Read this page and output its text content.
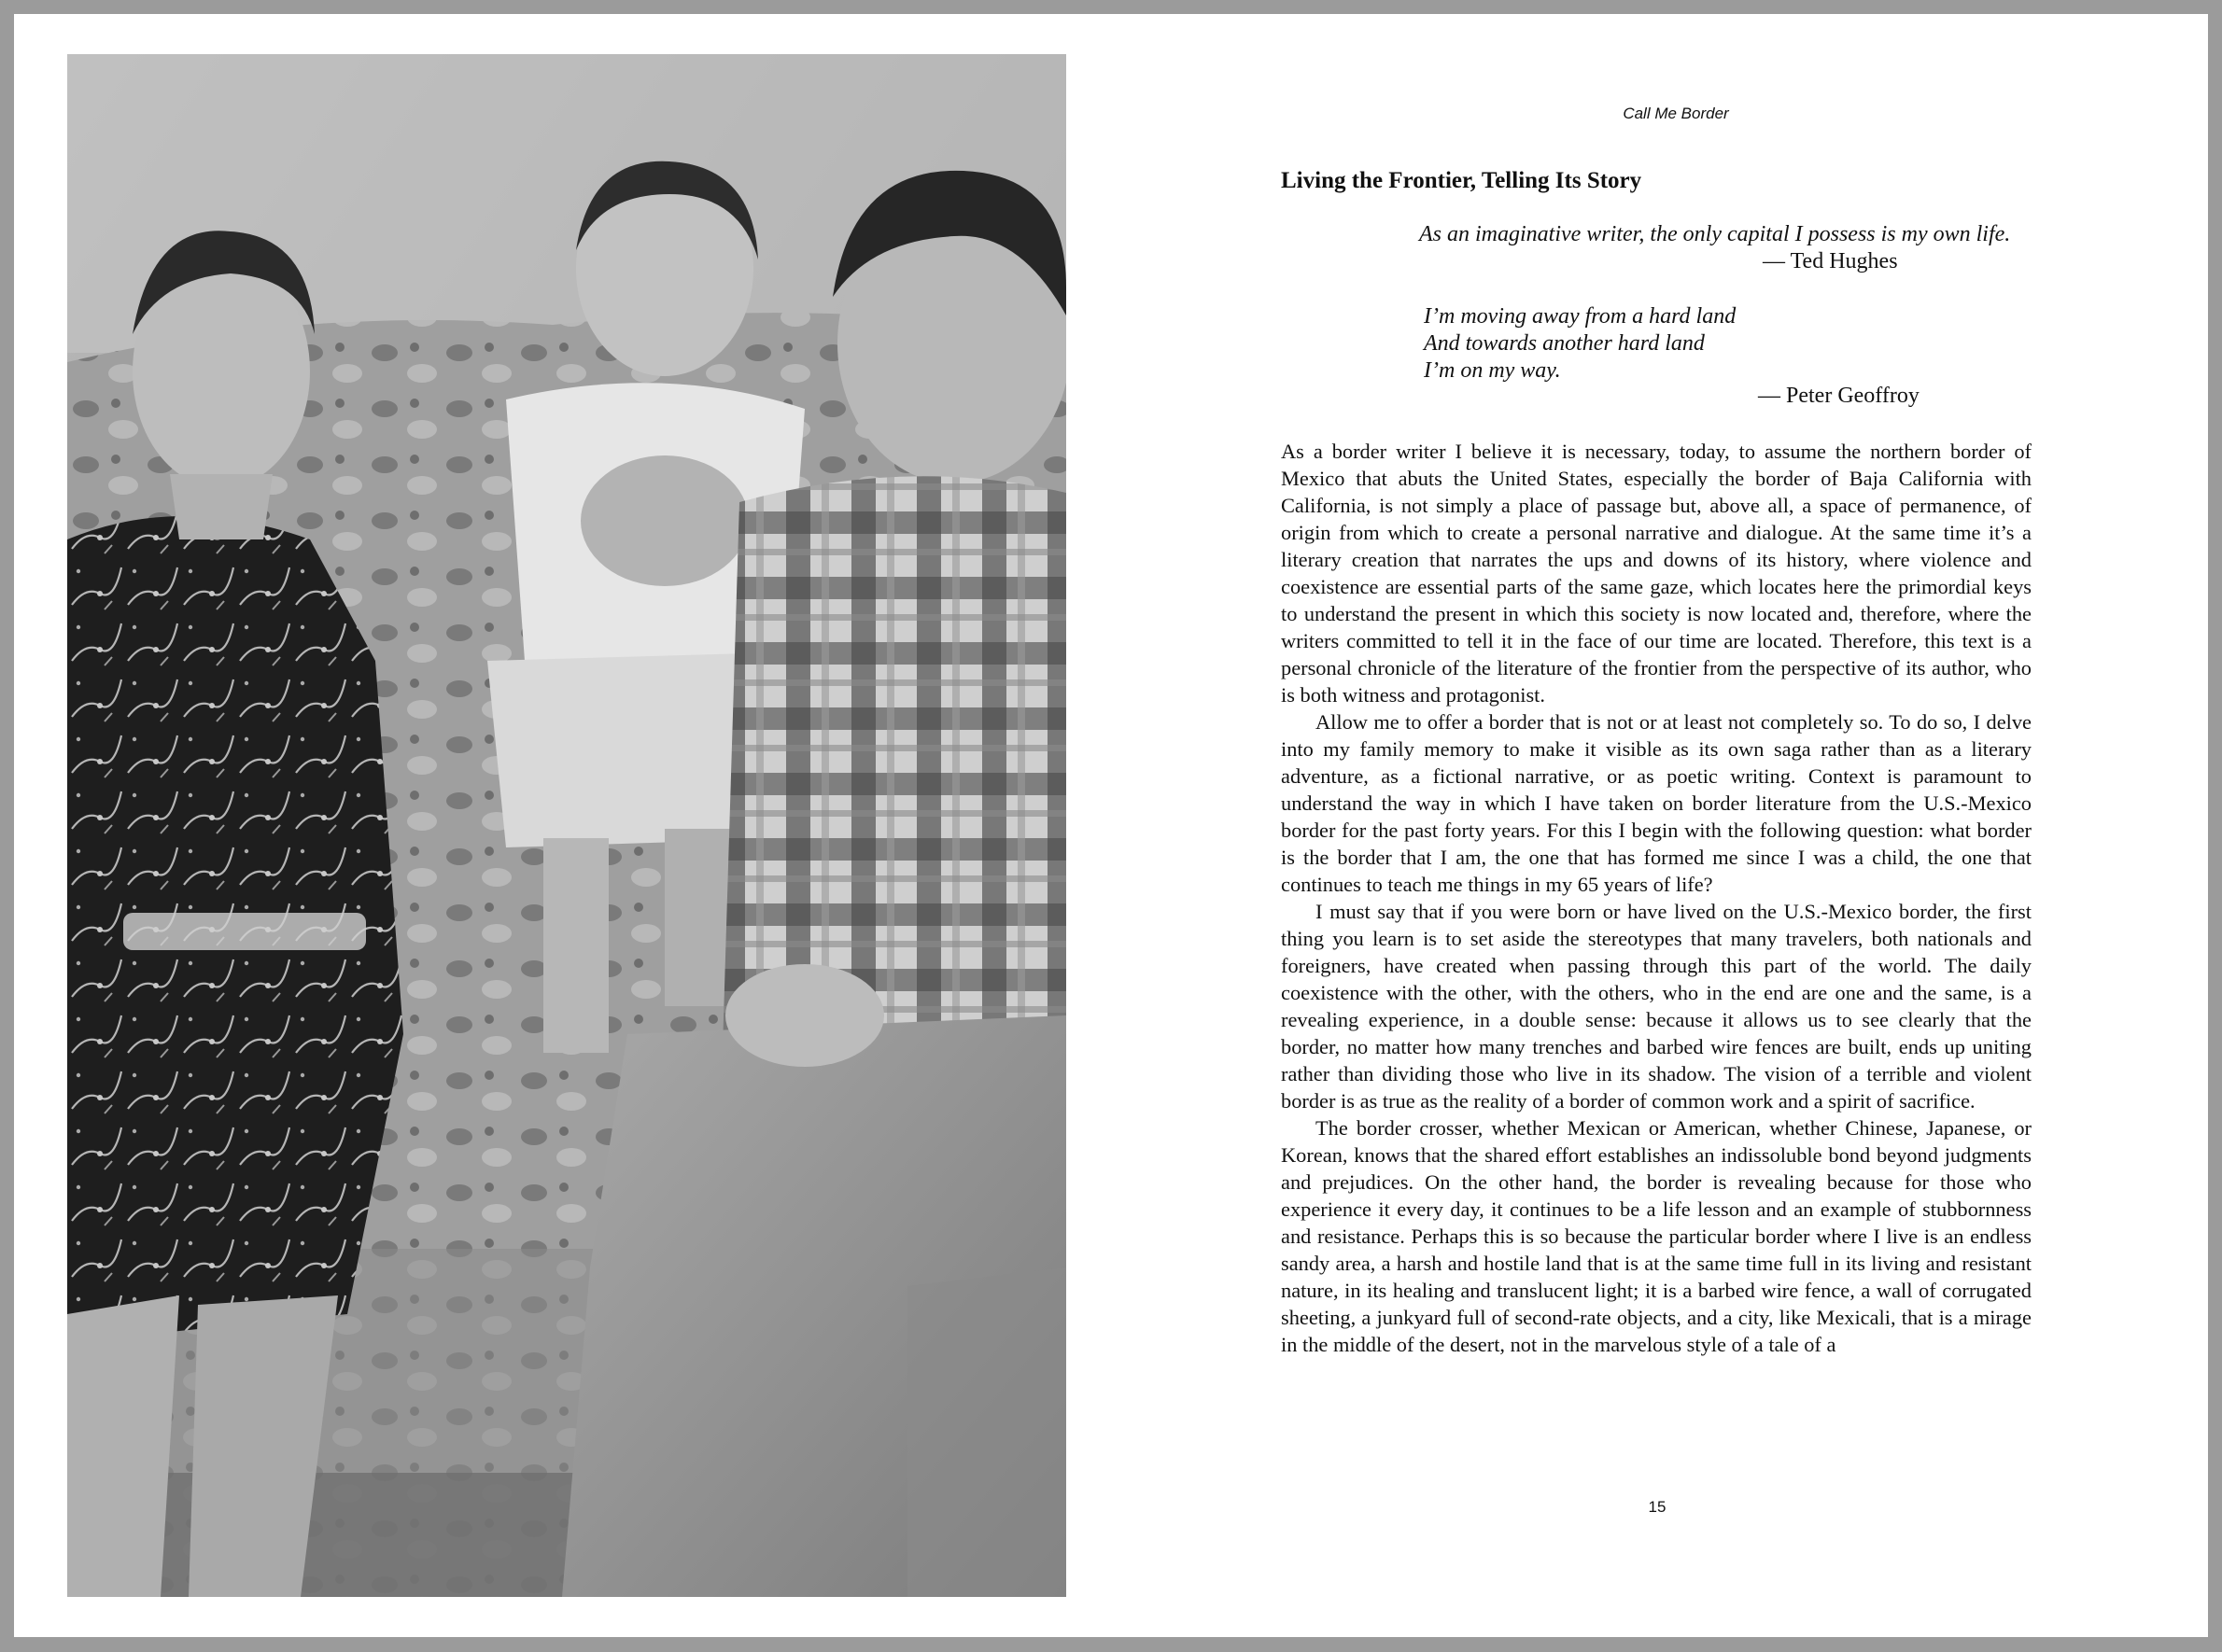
Call Me Border
Living the Frontier, Telling Its Story
As an imaginative writer, the only capital I possess is my own life.
— Ted Hughes
I’m moving away from a hard land
And towards another hard land
I’m on my way.
— Peter Geoffroy

As a border writer I believe it is necessary, today, to assume the northern border of Mexico that abuts the United States, especially the border of Baja California with California, is not simply a place of passage but, above all, a space of permanence, of origin from which to create a personal narrative and dialogue. At the same time it’s a literary creation that narrates the ups and downs of its history, where violence and coexistence are essential parts of the same gaze, which locates here the primordial keys to understand the present in which this society is now located and, therefore, where the writers committed to tell it in the face of our time are located. Therefore, this text is a personal chronicle of the literature of the frontier from the perspective of its author, who is both witness and protagonist.

Allow me to offer a border that is not or at least not completely so. To do so, I delve into my family memory to make it visible as its own saga rather than as a literary adventure, as a fictional narrative, or as poetic writing. Context is paramount to understand the way in which I have taken on border literature from the U.S.-Mexico border for the past forty years. For this I begin with the following question: what border is the border that I am, the one that has formed me since I was a child, the one that continues to teach me things in my 65 years of life?

I must say that if you were born or have lived on the U.S.-Mexico border, the first thing you learn is to set aside the stereotypes that many travelers, both nationals and foreigners, have created when passing through this part of the world. The daily coexistence with the other, with the others, who in the end are one and the same, is a revealing experience, in a double sense: because it allows us to see clearly that the border, no matter how many trenches and barbed wire fences are built, ends up uniting rather than dividing those who live in its shadow. The vision of a terrible and violent border is as true as the reality of a border of common work and a spirit of sacrifice.

The border crosser, whether Mexican or American, whether Chinese, Japanese, or Korean, knows that the shared effort establishes an indissoluble bond beyond judgments and prejudices. On the other hand, the border is revealing because for those who experience it every day, it continues to be a life lesson and an example of stubbornness and resistance. Perhaps this is so because the particular border where I live is an endless sandy area, a harsh and hostile land that is at the same time full in its living and resistant nature, in its healing and translucent light; it is a barbed wire fence, a wall of corrugated sheeting, a junkyard full of second-rate objects, and a city, like Mexicali, that is a mirage in the middle of the desert, not in the marvelous style of a tale of a

15
